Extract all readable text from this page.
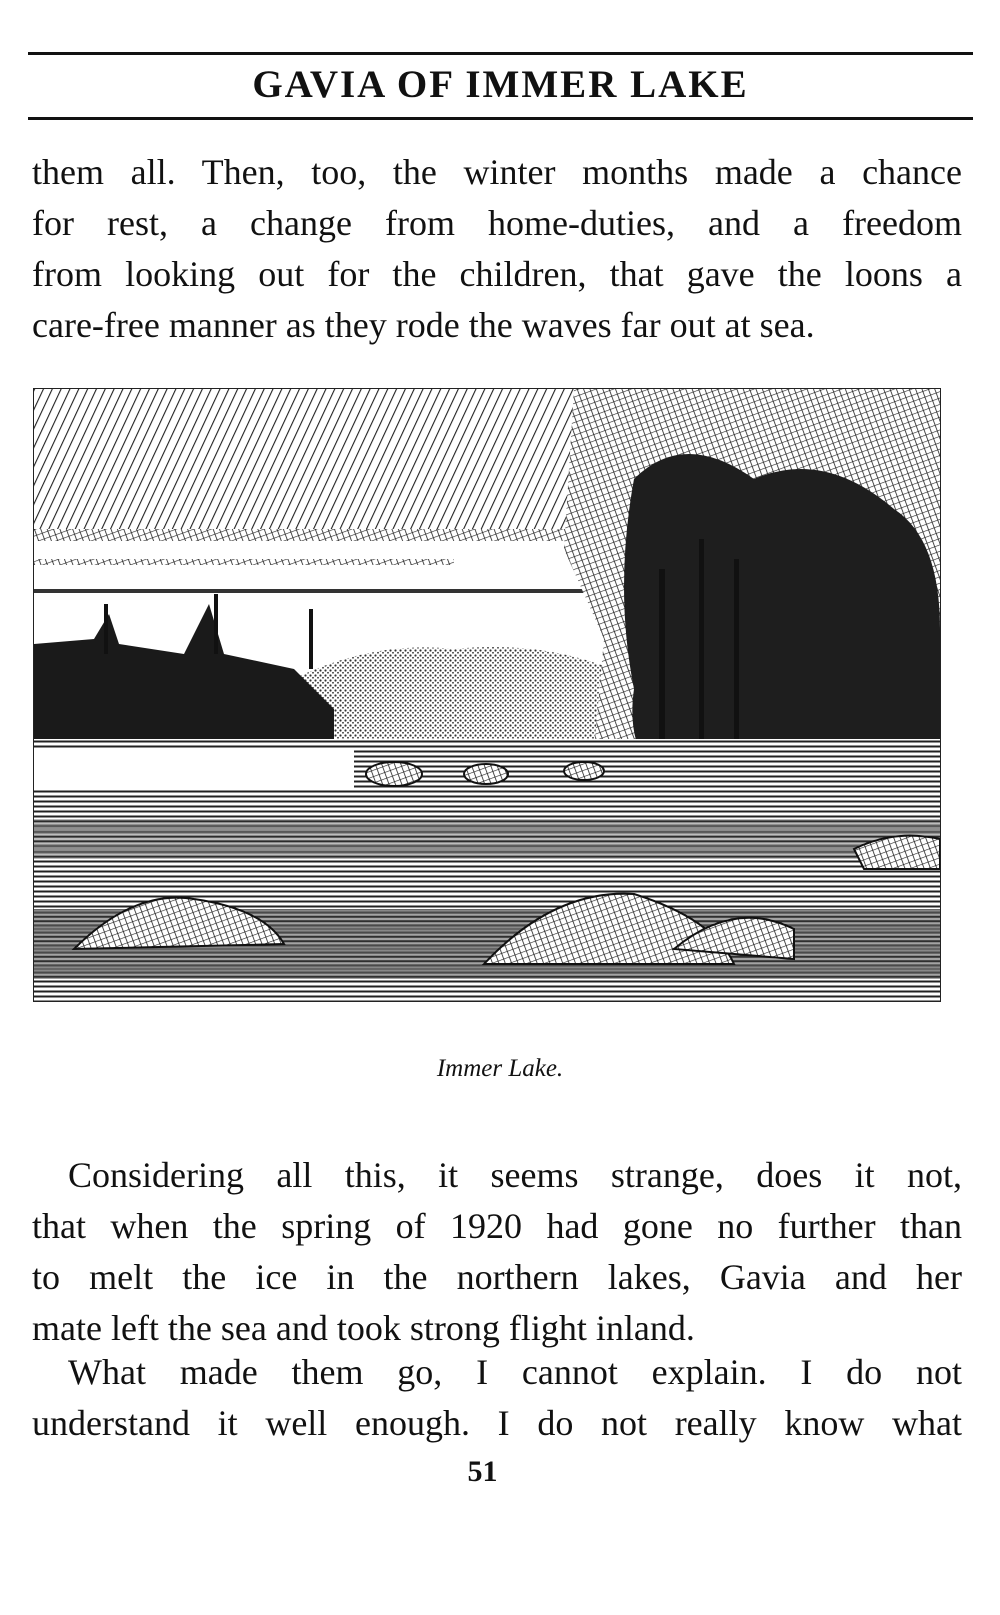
GAVIA OF IMMER LAKE
them all. Then, too, the winter months made a chance
for rest, a change from home-duties, and a freedom
from looking out for the children, that gave the loons a
care-free manner as they rode the waves far out at sea.
Immer Lake.
Considering all this, it seems strange, does it not,
that when the spring of 1920 had gone no further than
to melt the ice in the northern lakes, Gavia and her
mate left the sea and took strong flight inland.
What made them go, I cannot explain. I do not
understand it well enough. I do not really know what
51
